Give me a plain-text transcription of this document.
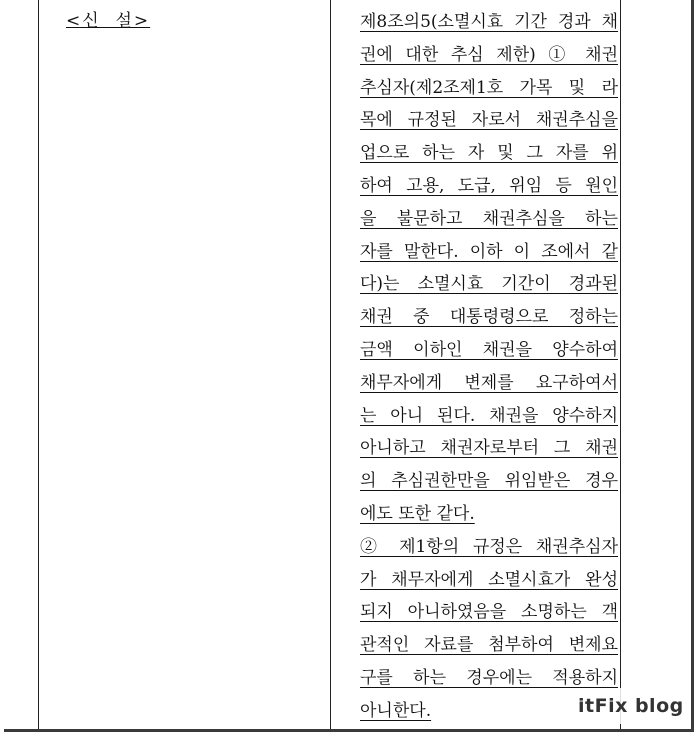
<신  설>	제8조의5(소멸시효 기간 경과 채
권에 대한 추심 제한) ① 채권
추심자(제2조제1호 가목 및 라
목에 규정된 자로서 채권추심을
업으로 하는 자 및 그 자를 위
하여 고용, 도급, 위임 등 원인
을 불문하고 채권추심을 하는
자를 말한다. 이하 이 조에서 같
다)는 소멸시효 기간이 경과된
채권 중 대통령령으로 정하는
금액 이하인 채권을 양수하여
채무자에게 변제를 요구하여서
는 아니 된다. 채권을 양수하지
아니하고 채권자로부터 그 채권
의 추심권한만을 위임받은 경우
에도 또한 같다.
② 제1항의 규정은 채권추심자
가 채무자에게 소멸시효가 완성
되지 아니하였음을 소명하는 객
관적인 자료를 첨부하여 변제요
구를 하는 경우에는 적용하지
아니한다.	itFix blog
